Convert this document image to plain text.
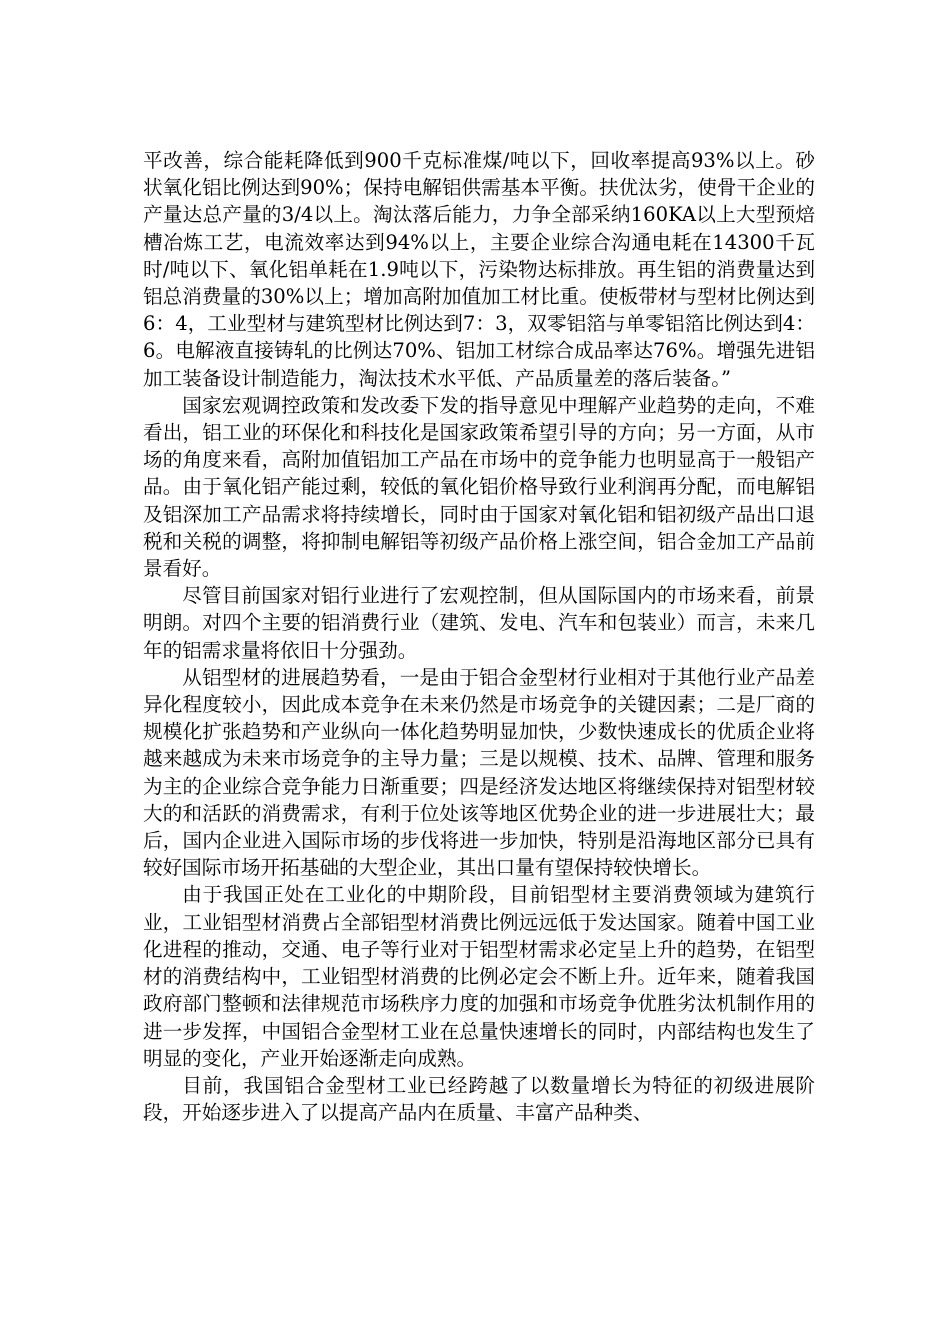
平改善，综合能耗降低到900千克标准煤/吨以下，回收率提高93%以上。砂状氧化铝比例达到90%；保持电解铝供需基本平衡。扶优汰劣，使骨干企业的产量达总产量的3/4以上。淘汰落后能力，力争全部采纳160KA以上大型预焙槽冶炼工艺，电流效率达到94%以上，主要企业综合沟通电耗在14300千瓦时/吨以下、氧化铝单耗在1.9吨以下，污染物达标排放。再生铝的消费量达到铝总消费量的30%以上；增加高附加值加工材比重。使板带材与型材比例达到6：4，工业型材与建筑型材比例达到7：3，双零铝箔与单零铝箔比例达到4：6。电解液直接铸轧的比例达70%、铝加工材综合成品率达76%。增强先进铝加工装备设计制造能力，淘汰技术水平低、产品质量差的落后装备。”

国家宏观调控政策和发改委下发的指导意见中理解产业趋势的走向，不难看出，铝工业的环保化和科技化是国家政策希望引导的方向；另一方面，从市场的角度来看，高附加值铝加工产品在市场中的竞争能力也明显高于一般铝产品。由于氧化铝产能过剩，较低的氧化铝价格导致行业利润再分配，而电解铝及铝深加工产品需求将持续增长，同时由于国家对氧化铝和铝初级产品出口退税和关税的调整，将抑制电解铝等初级产品价格上涨空间，铝合金加工产品前景看好。

尽管目前国家对铝行业进行了宏观控制，但从国际国内的市场来看，前景明朗。对四个主要的铝消费行业（建筑、发电、汽车和包装业）而言，未来几年的铝需求量将依旧十分强劲。

从铝型材的进展趋势看，一是由于铝合金型材行业相对于其他行业产品差异化程度较小，因此成本竞争在未来仍然是市场竞争的关键因素；二是厂商的规模化扩张趋势和产业纵向一体化趋势明显加快，少数快速成长的优质企业将越来越成为未来市场竞争的主导力量；三是以规模、技术、品牌、管理和服务为主的企业综合竞争能力日渐重要；四是经济发达地区将继续保持对铝型材较大的和活跃的消费需求，有利于位处该等地区优势企业的进一步进展壮大；最后，国内企业进入国际市场的步伐将进一步加快，特别是沿海地区部分已具有较好国际市场开拓基础的大型企业，其出口量有望保持较快增长。

由于我国正处在工业化的中期阶段，目前铝型材主要消费领域为建筑行业，工业铝型材消费占全部铝型材消费比例远远低于发达国家。随着中国工业化进程的推动，交通、电子等行业对于铝型材需求必定呈上升的趋势，在铝型材的消费结构中，工业铝型材消费的比例必定会不断上升。近年来，随着我国政府部门整顿和法律规范市场秩序力度的加强和市场竞争优胜劣汰机制作用的进一步发挥，中国铝合金型材工业在总量快速增长的同时，内部结构也发生了明显的变化，产业开始逐渐走向成熟。

目前，我国铝合金型材工业已经跨越了以数量增长为特征的初级进展阶段，开始逐步进入了以提高产品内在质量、丰富产品种类、
